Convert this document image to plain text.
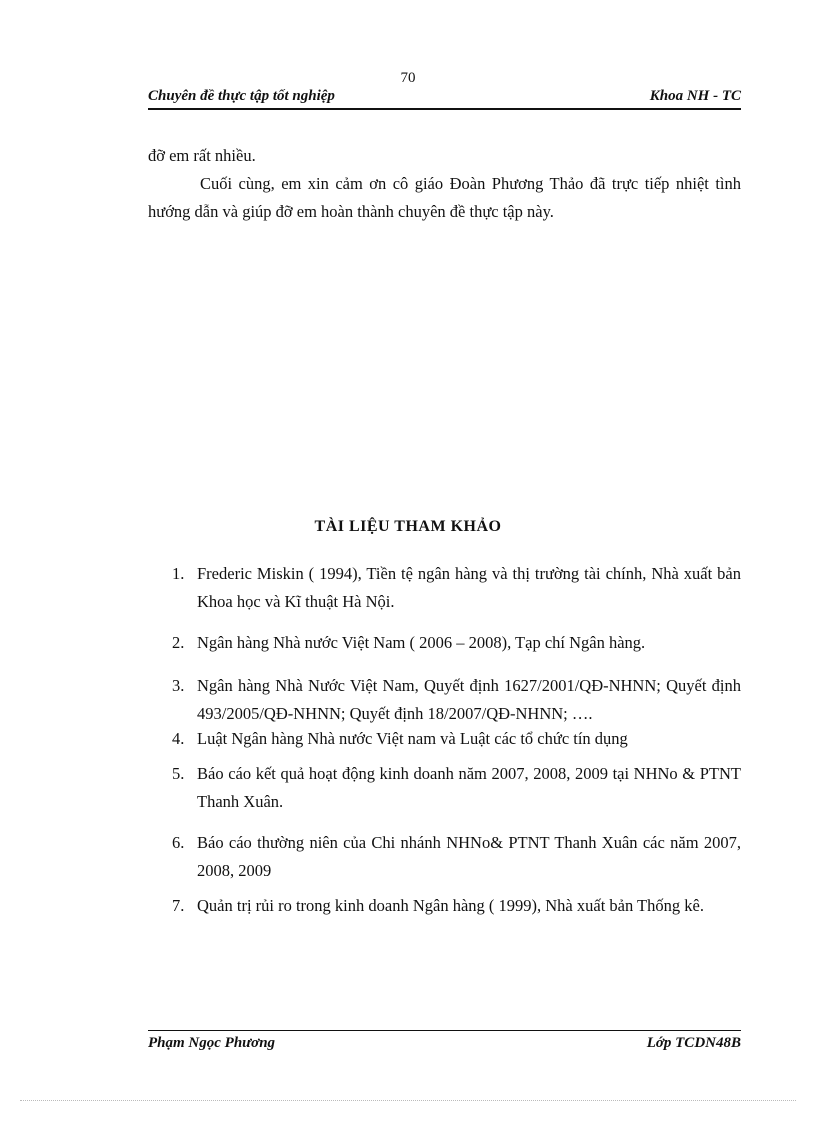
70
Chuyên đề thực tập tốt nghiệp	Khoa NH - TC
đỡ em rất nhiều.
Cuối cùng, em xin cảm ơn cô giáo Đoàn Phương Thảo đã trực tiếp nhiệt tình hướng dẫn và giúp đỡ em hoàn thành chuyên đề thực tập này.
TÀI LIỆU THAM KHẢO
1. Frederic Miskin ( 1994), Tiền tệ ngân hàng và thị trường tài chính, Nhà xuất bản Khoa học và Kĩ thuật Hà Nội.
2. Ngân hàng Nhà nước Việt Nam ( 2006 – 2008), Tạp chí Ngân hàng.
3. Ngân hàng Nhà Nước Việt Nam, Quyết định 1627/2001/QĐ-NHNN; Quyết định 493/2005/QĐ-NHNN; Quyết định 18/2007/QĐ-NHNN; ….
4. Luật Ngân hàng Nhà nước Việt nam và Luật các tổ chức tín dụng
5. Báo cáo kết quả hoạt động kinh doanh năm 2007, 2008, 2009 tại NHNo & PTNT Thanh Xuân.
6. Báo cáo thường niên của Chi nhánh NHNo& PTNT Thanh Xuân các năm 2007, 2008, 2009
7. Quản trị rủi ro trong kinh doanh Ngân hàng ( 1999), Nhà xuất bản Thống kê.
Phạm Ngọc Phương	Lớp TCDN48B
